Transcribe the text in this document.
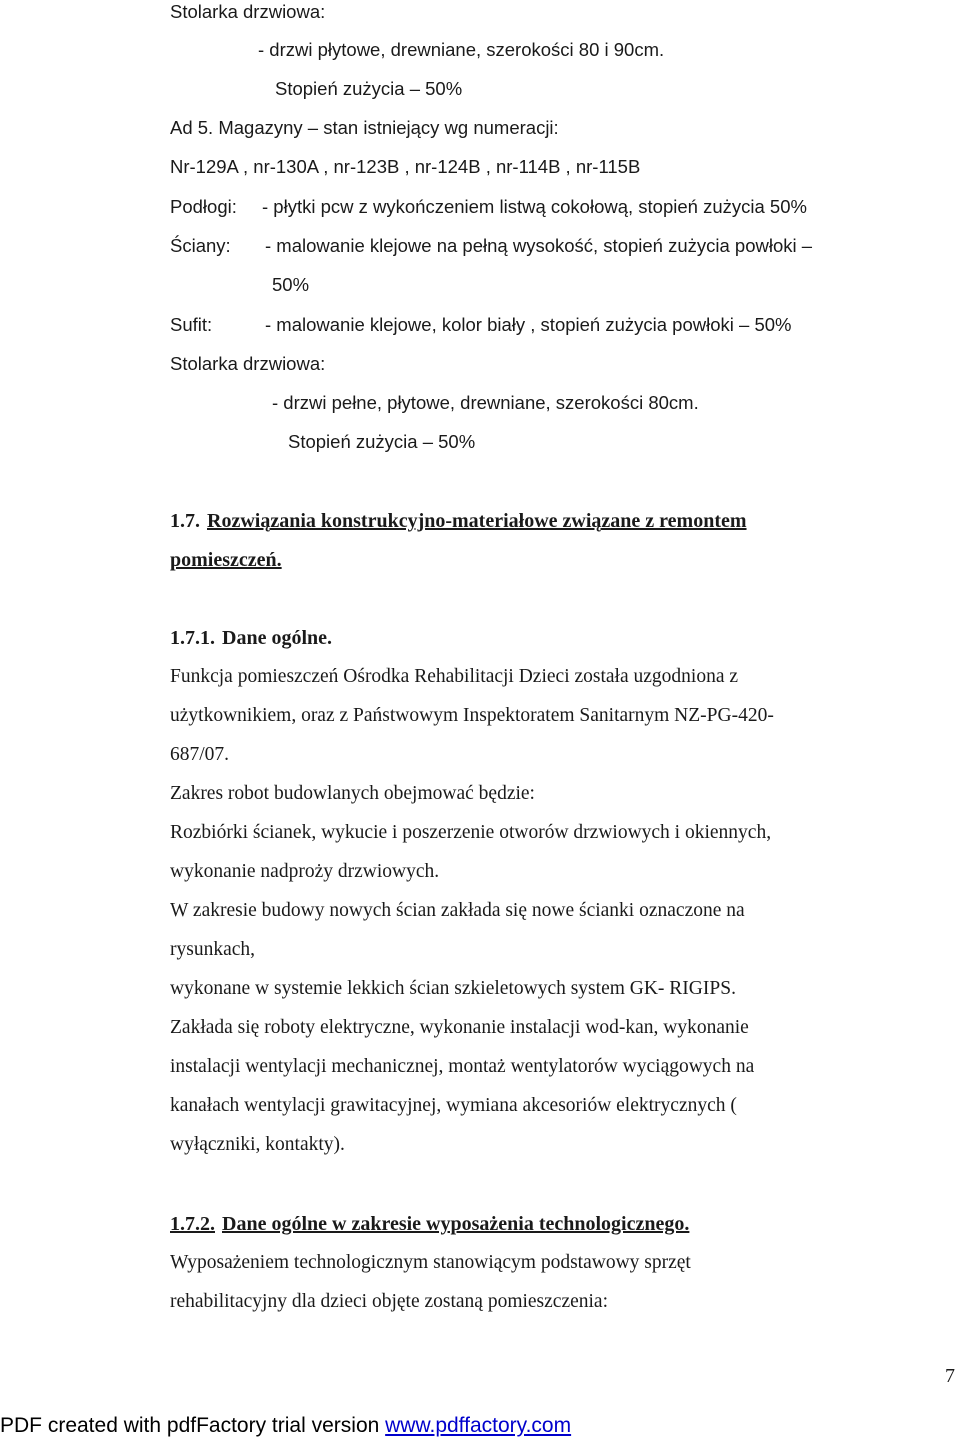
Stolarka drzwiowa:

- drzwi płytowe, drewniane, szerokości 80 i 90cm.

Stopień zużycia – 50%

Ad 5. Magazyny – stan istniejący wg numeracji:

Nr-129A , nr-130A , nr-123B , nr-124B , nr-114B , nr-115B

Podłogi: - płytki pcw z wykończeniem listwą cokołową, stopień zużycia 50%

Ściany: - malowanie klejowe na pełną wysokość, stopień zużycia powłoki –

50%

Sufit:	- malowanie klejowe, kolor biały , stopień zużycia powłoki – 50%

Stolarka drzwiowa:

- drzwi pełne, płytowe, drewniane, szerokości 80cm.

Stopień zużycia – 50%

1.7. Rozwiązania konstrukcyjno-materiałowe związane z remontem

pomieszczeń.

1.7.1. Dane ogólne.

Funkcja pomieszczeń Ośrodka Rehabilitacji Dzieci została uzgodniona z

użytkownikiem, oraz z Państwowym Inspektoratem Sanitarnym NZ-PG-420-

687/07.

Zakres robot budowlanych obejmować będzie:

Rozbiórki ścianek, wykucie i poszerzenie otworów drzwiowych i okiennych,

wykonanie nadproży drzwiowych.

W zakresie budowy nowych ścian zakłada się nowe ścianki oznaczone na

rysunkach,

wykonane w systemie lekkich ścian szkieletowych system GK- RIGIPS.

Zakłada się roboty elektryczne, wykonanie instalacji wod-kan, wykonanie

instalacji wentylacji mechanicznej, montaż wentylatorów wyciągowych na

kanałach wentylacji grawitacyjnej, wymiana akcesoriów elektrycznych (

wyłączniki, kontakty).

1.7.2. Dane ogólne w zakresie wyposażenia technologicznego.

Wyposażeniem technologicznym stanowiącym podstawowy sprzęt

rehabilitacyjny dla dzieci objęte zostaną pomieszczenia:

7
PDF created with pdfFactory trial version www.pdffactory.com
